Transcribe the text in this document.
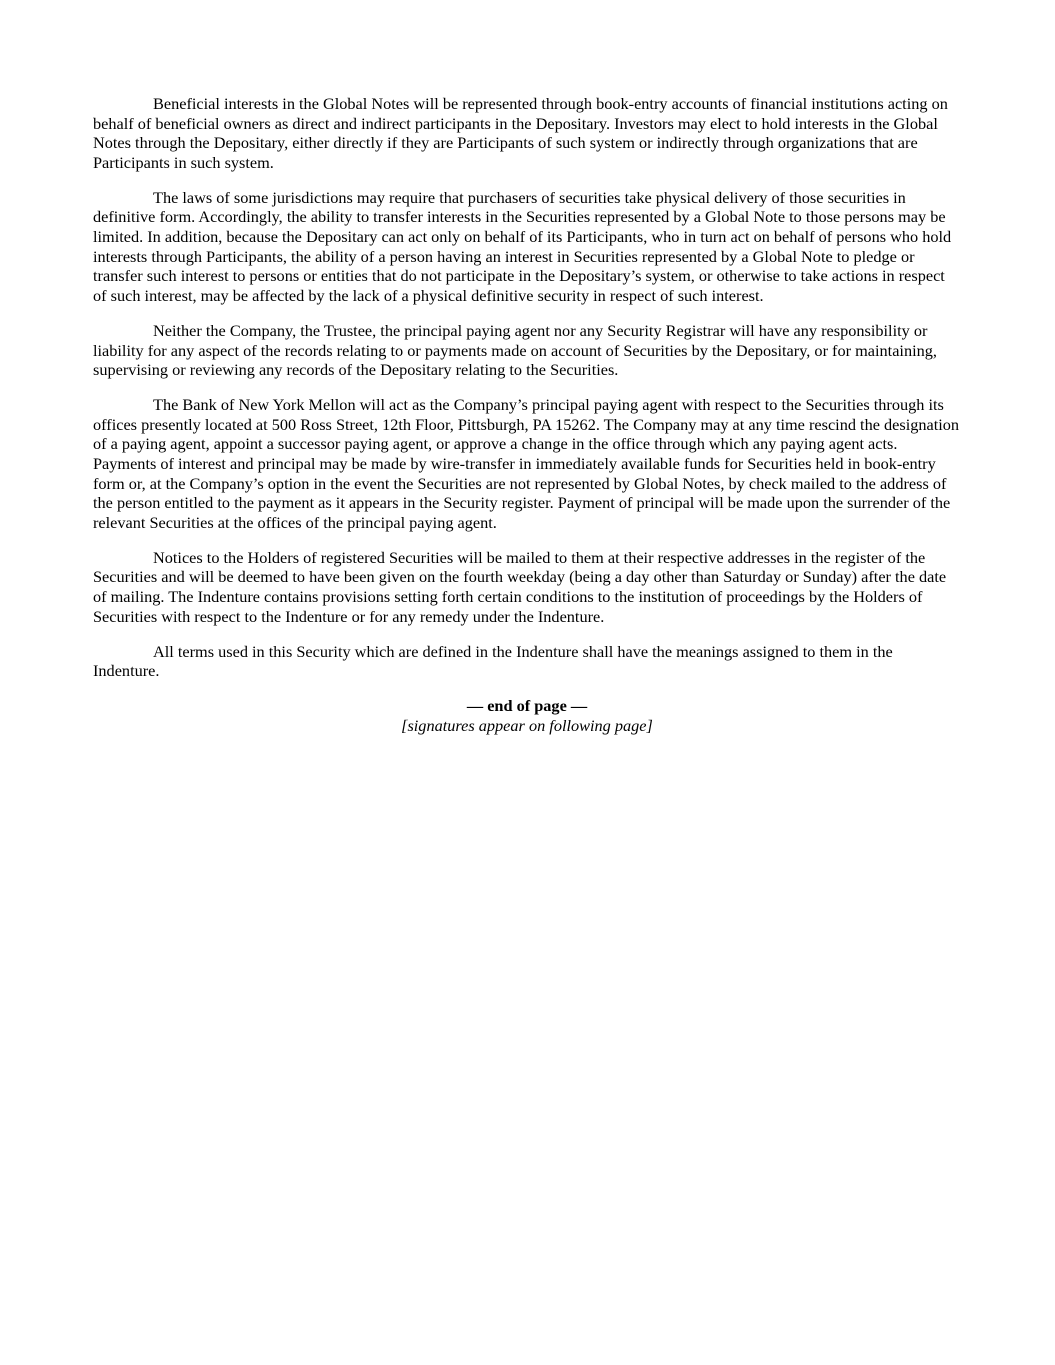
Beneficial interests in the Global Notes will be represented through book-entry accounts of financial institutions acting on behalf of beneficial owners as direct and indirect participants in the Depositary. Investors may elect to hold interests in the Global Notes through the Depositary, either directly if they are Participants of such system or indirectly through organizations that are Participants in such system.

The laws of some jurisdictions may require that purchasers of securities take physical delivery of those securities in definitive form. Accordingly, the ability to transfer interests in the Securities represented by a Global Note to those persons may be limited. In addition, because the Depositary can act only on behalf of its Participants, who in turn act on behalf of persons who hold interests through Participants, the ability of a person having an interest in Securities represented by a Global Note to pledge or transfer such interest to persons or entities that do not participate in the Depositary’s system, or otherwise to take actions in respect of such interest, may be affected by the lack of a physical definitive security in respect of such interest.

Neither the Company, the Trustee, the principal paying agent nor any Security Registrar will have any responsibility or liability for any aspect of the records relating to or payments made on account of Securities by the Depositary, or for maintaining, supervising or reviewing any records of the Depositary relating to the Securities.

The Bank of New York Mellon will act as the Company’s principal paying agent with respect to the Securities through its offices presently located at 500 Ross Street, 12th Floor, Pittsburgh, PA 15262. The Company may at any time rescind the designation of a paying agent, appoint a successor paying agent, or approve a change in the office through which any paying agent acts. Payments of interest and principal may be made by wire-transfer in immediately available funds for Securities held in book-entry form or, at the Company’s option in the event the Securities are not represented by Global Notes, by check mailed to the address of the person entitled to the payment as it appears in the Security register. Payment of principal will be made upon the surrender of the relevant Securities at the offices of the principal paying agent.

Notices to the Holders of registered Securities will be mailed to them at their respective addresses in the register of the Securities and will be deemed to have been given on the fourth weekday (being a day other than Saturday or Sunday) after the date of mailing. The Indenture contains provisions setting forth certain conditions to the institution of proceedings by the Holders of Securities with respect to the Indenture or for any remedy under the Indenture.

All terms used in this Security which are defined in the Indenture shall have the meanings assigned to them in the Indenture.

— end of page —
[signatures appear on following page]
